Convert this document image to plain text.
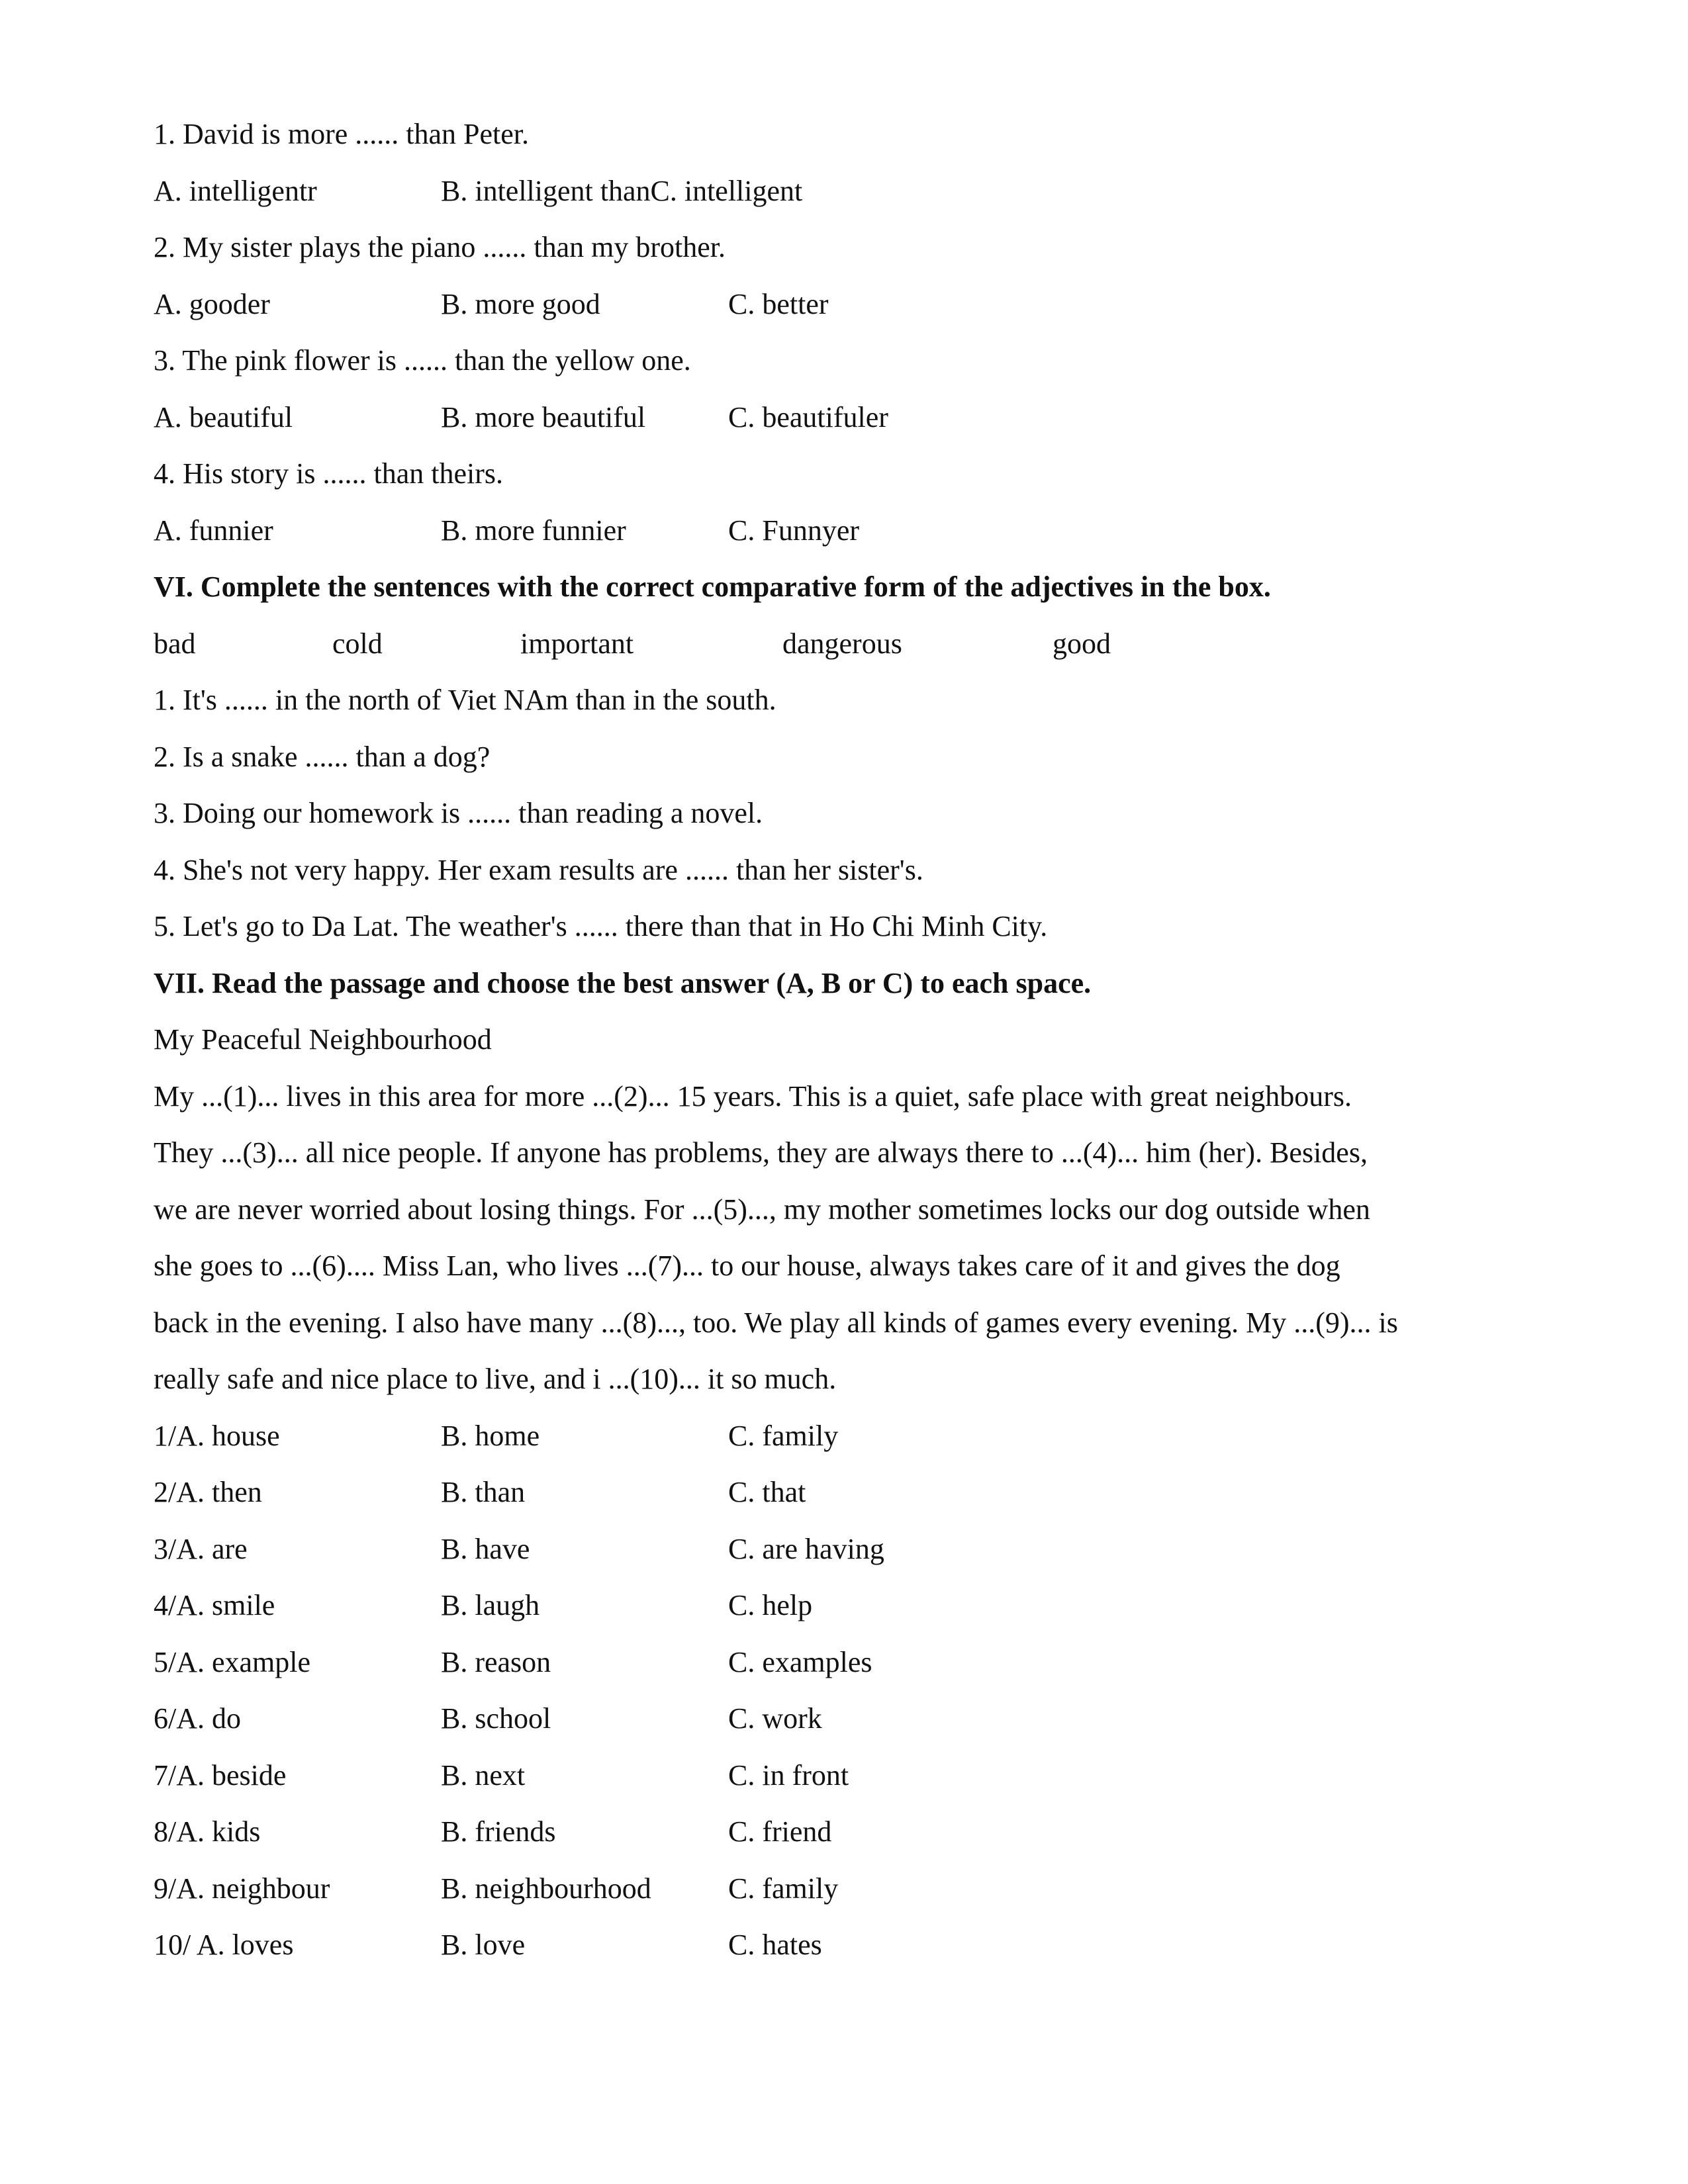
1. David is more ...... than Peter.

A. intelligentr	B. intelligent thanC. intelligent

2. My sister plays the piano ...... than my brother.

A. gooder	B. more good	C. better

3. The pink flower is ...... than the yellow one.

A. beautiful	B. more beautiful	C. beautifuler

4. His story is ...... than theirs.

A. funnier	B. more funnier	C. Funnyer

VI. Complete the sentences with the correct comparative form of the adjectives in the box.

bad	cold	important	dangerous	good

1. It's ...... in the north of Viet NAm than in the south.

2. Is a snake ...... than a dog?

3. Doing our homework is ...... than reading a novel.

4. She's not very happy. Her exam results are ...... than her sister's.

5. Let's go to Da Lat. The weather's ...... there than that in Ho Chi Minh City.

VII. Read the passage and choose the best answer (A, B or C) to each space.

My Peaceful Neighbourhood

My ...(1)... lives in this area for more ...(2)... 15 years. This is a quiet, safe place with great neighbours.

They ...(3)... all nice people. If anyone has problems, they are always there to ...(4)... him (her). Besides,

we are never worried about losing things. For ...(5)..., my mother sometimes locks our dog outside when

she goes to ...(6).... Miss Lan, who lives ...(7)... to our house, always takes care of it and gives the dog

back in the evening. I also have many ...(8)..., too. We play all kinds of games every evening. My ...(9)... is

really safe and nice place to live, and i ...(10)... it so much.

1/A. house	B. home	C. family
2/A. then	B. than	C. that
3/A. are	B. have	C. are having
4/A. smile	B. laugh	C. help
5/A. example	B. reason	C. examples
6/A. do	B. school	C. work
7/A. beside	B. next	C. in front
8/A. kids	B. friends	C. friend
9/A. neighbour	B. neighbourhood	C. family
10/ A. loves	B. love	C. hates
